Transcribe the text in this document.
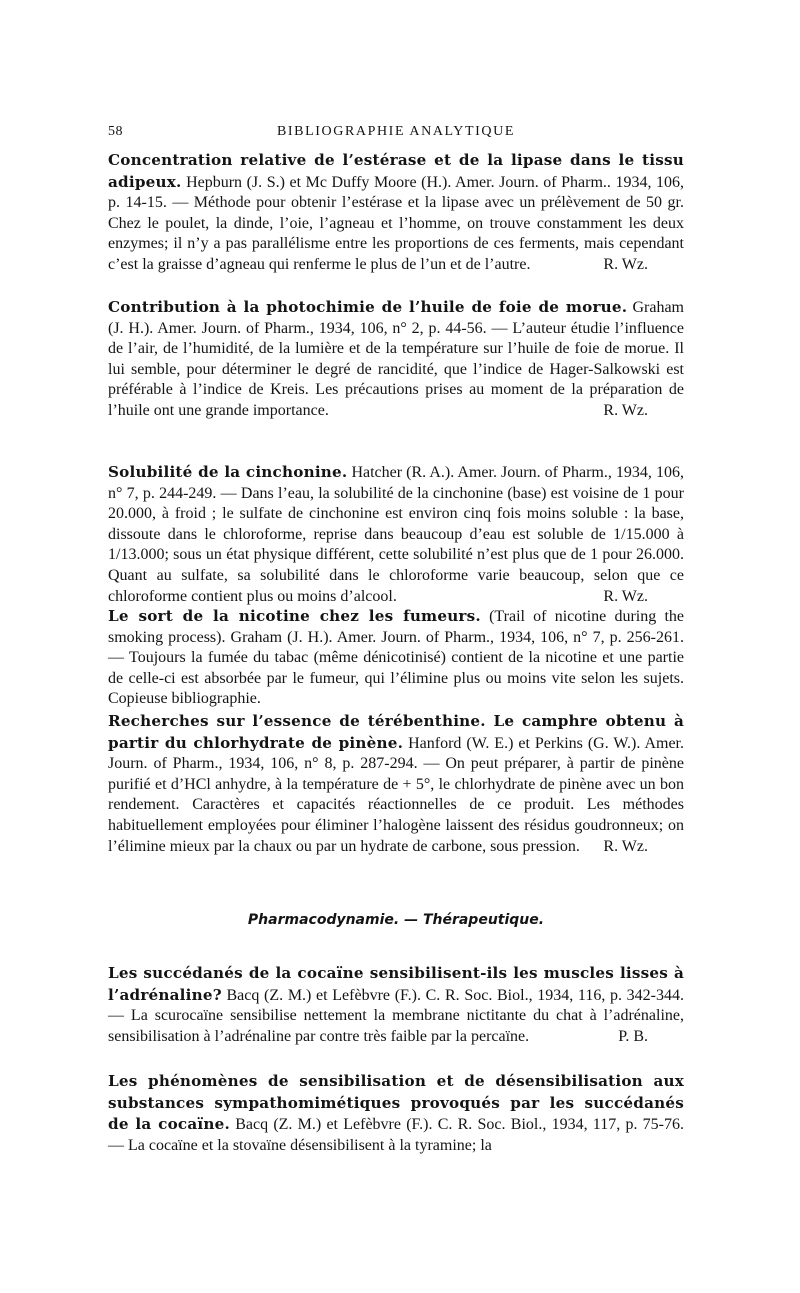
58	BIBLIOGRAPHIE ANALYTIQUE
Concentration relative de l’estérase et de la lipase dans le tissu adipeux. Hepburn (J. S.) et Mc Duffy Moore (H.). Amer. Journ. of Pharm.. 1934, 106, p. 14-15. — Méthode pour obtenir l’estérase et la lipase avec un prélèvement de 50 gr. Chez le poulet, la dinde, l’oie, l’agneau et l’homme, on trouve constamment les deux enzymes; il n’y a pas parallélisme entre les proportions de ces ferments, mais cependant c’est la graisse d’agneau qui renferme le plus de l’un et de l’autre.	R. Wz.
Contribution à la photochimie de l’huile de foie de morue. Graham (J. H.). Amer. Journ. of Pharm., 1934, 106, n° 2, p. 44-56. — L’auteur étudie l’influence de l’air, de l’humidité, de la lumière et de la température sur l’huile de foie de morue. Il lui semble, pour déterminer le degré de rancidité, que l’indice de Hager-Salkowski est préférable à l’indice de Kreis. Les précautions prises au moment de la préparation de l’huile ont une grande importance.	R. Wz.
Solubilité de la cinchonine. Hatcher (R. A.). Amer. Journ. of Pharm., 1934, 106, n° 7, p. 244-249. — Dans l’eau, la solubilité de la cinchonine (base) est voisine de 1 pour 20.000, à froid ; le sulfate de cinchonine est environ cinq fois moins soluble : la base, dissoute dans le chloroforme, reprise dans beaucoup d’eau est soluble de 1/15.000 à 1/13.000; sous un état physique différent, cette solubilité n’est plus que de 1 pour 26.000. Quant au sulfate, sa solubilité dans le chloroforme varie beaucoup, selon que ce chloroforme contient plus ou moins d’alcool.	R. Wz.
Le sort de la nicotine chez les fumeurs. (Trail of nicotine during the smoking process). Graham (J. H.). Amer. Journ. of Pharm., 1934, 106, n° 7, p. 256-261. — Toujours la fumée du tabac (même dénicotinisé) contient de la nicotine et une partie de celle-ci est absorbée par le fumeur, qui l’élimine plus ou moins vite selon les sujets. Copieuse bibliographie.
Recherches sur l’essence de térébenthine. Le camphre obtenu à partir du chlorhydrate de pinène. Hanford (W. E.) et Perkins (G. W.). Amer. Journ. of Pharm., 1934, 106, n° 8, p. 287-294. — On peut préparer, à partir de pinène purifié et d’HCl anhydre, à la température de + 5°, le chlorhydrate de pinène avec un bon rendement. Caractères et capacités réactionnelles de ce produit. Les méthodes habituellement employées pour éliminer l’halogène laissent des résidus goudronneux; on l’élimine mieux par la chaux ou par un hydrate de carbone, sous pression. R. Wz.
Pharmacodynamie. — Thérapeutique.
Les succédanés de la cocaïne sensibilisent-ils les muscles lisses à l’adrénaline? Bacq (Z. M.) et Lefèbvre (F.). C. R. Soc. Biol., 1934, 116, p. 342-344. — La scurocaïne sensibilise nettement la membrane nictitante du chat à l’adrénaline, sensibilisation à l’adrénaline par contre très faible par la percaïne.	P. B.
Les phénomènes de sensibilisation et de désensibilisation aux substances sympathomimétiques provoqués par les succédanés de la cocaïne. Bacq (Z. M.) et Lefèbvre (F.). C. R. Soc. Biol., 1934, 117, p. 75-76. — La cocaïne et la stovaïne désensibilisent à la tyramine; la
